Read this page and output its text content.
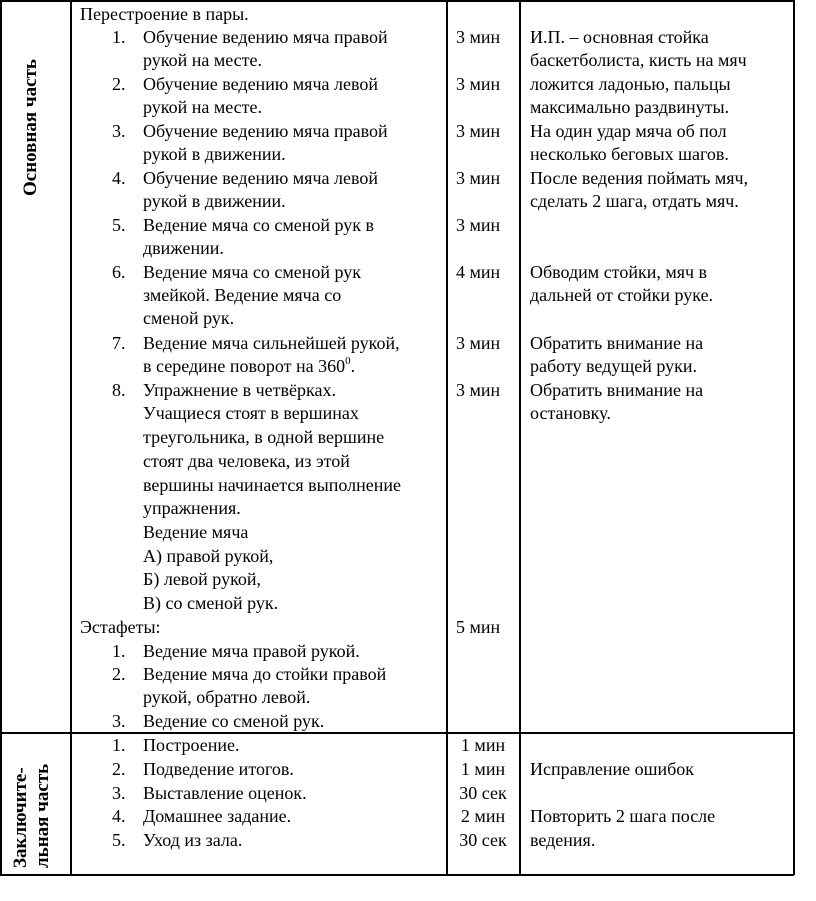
Основная часть
Заключите- льная часть
Перестроение в пары.
1. Обучение ведению мяча правой
рукой на месте.
2. Обучение ведению мяча левой
рукой на месте.
3. Обучение ведению мяча правой
рукой в движении.
4. Обучение ведению мяча левой
рукой в движении.
5. Ведение мяча со сменой рук в
движении.
6. Ведение мяча со сменой рук
змейкой. Ведение мяча со
сменой рук.
7. Ведение мяча сильнейшей рукой,
в середине поворот на $360^0$.
8. Упражнение в четвёрках.
Учащиеся стоят в вершинах
треугольника, в одной вершине
стоят два человека, из этой
вершины начинается выполнение
упражнения.
Ведение мяча
А) правой рукой,
Б) левой рукой,
В) со сменой рук.
Эстафеты:
1. Ведение мяча правой рукой.
2. Ведение мяча до стойки правой
рукой, обратно левой.
3. Ведение со сменой рук.
3 мин
3 мин
3 мин
3 мин
3 мин
4 мин
3 мин
3 мин
5 мин
И.П. – основная стойка
баскетболиста, кисть на мяч
ложится ладонью, пальцы
максимально раздвинуты.
На один удар мяча об пол
несколько беговых шагов.
После ведения поймать мяч,
сделать 2 шага, отдать мяч.
Обводим стойки, мяч в
дальней от стойки руке.
Обратить внимание на
работу ведущей руки.
Обратить внимание на
остановку.
1. Построение.
2. Подведение итогов.
3. Выставление оценок.
4. Домашнее задание.
5. Уход из зала.
1 мин
1 мин
30 сек
2 мин
30 сек
Исправление ошибок
Повторить 2 шага после
ведения.
